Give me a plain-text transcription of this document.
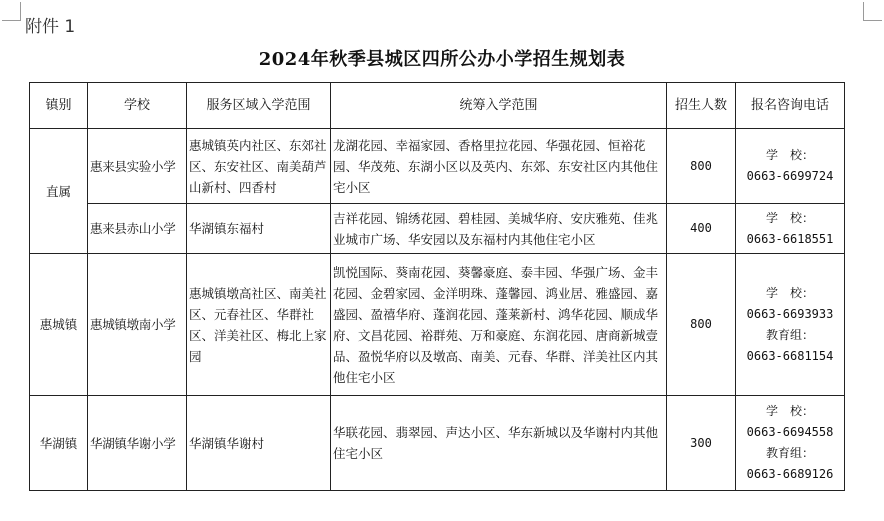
附件 1
2024年秋季县城区四所公办小学招生规划表
镇别	学校	服务区域入学范围	统筹入学范围	招生人数	报名咨询电话
直属	惠来县实验小学	惠城镇英内社区、东郊社区、东安社区、南美葫芦山新村、四香村	龙湖花园、幸福家园、香格里拉花园、华强花园、恒裕花园、华茂苑、东湖小区以及英内、东郊、东安社区内其他住宅小区	800	学　校：
0663-6699724

	惠来县赤山小学	华湖镇东福村	吉祥花园、锦绣花园、碧桂园、美城华府、安庆雅苑、佳兆业城市广场、华安园以及东福村内其他住宅小区	400	学　校：
0663-6618551

惠城镇	惠城镇墩南小学	惠城镇墩高社区、南美社区、元春社区、华群社区、洋美社区、梅北上家园	凯悦国际、葵南花园、葵馨豪庭、泰丰园、华强广场、金丰花园、金碧家园、金洋明珠、蓬馨园、鸿业居、雅盛园、嘉盛园、盈禧华府、蓬润花园、蓬莱新村、鸿华花园、顺成华府、文昌花园、裕群苑、万和豪庭、东润花园、唐商新城壹品、盈悦华府以及墩高、南美、元春、华群、洋美社区内其他住宅小区	800	学　校：
0663-6693933
教育组：
0663-6681154

华湖镇	华湖镇华谢小学	华湖镇华谢村	华联花园、翡翠园、声达小区、华东新城以及华谢村内其他住宅小区	300	学　校：
0663-6694558
教育组：
0663-6689126
